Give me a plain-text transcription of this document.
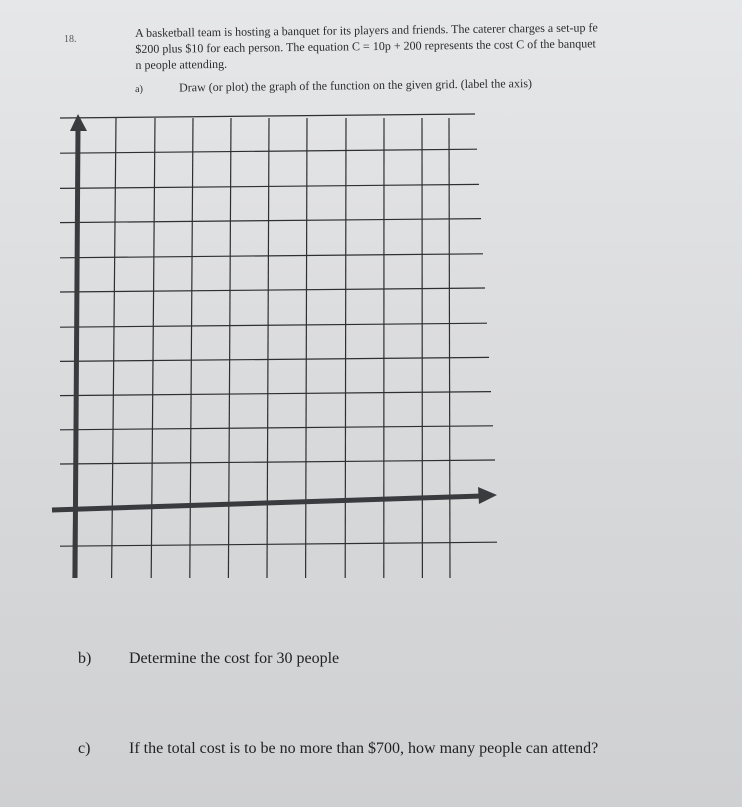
18.	A basketball team is hosting a banquet for its players and friends. The caterer charges a set-up fe
$200 plus $10 for each person. The equation C = 10p + 200 represents the cost C of the banquet
n people attending.
a)	Draw (or plot) the graph of the function on the given grid. (label the axis)
b) Determine the cost for 30 people
c) If the total cost is to be no more than $700, how many people can attend?
